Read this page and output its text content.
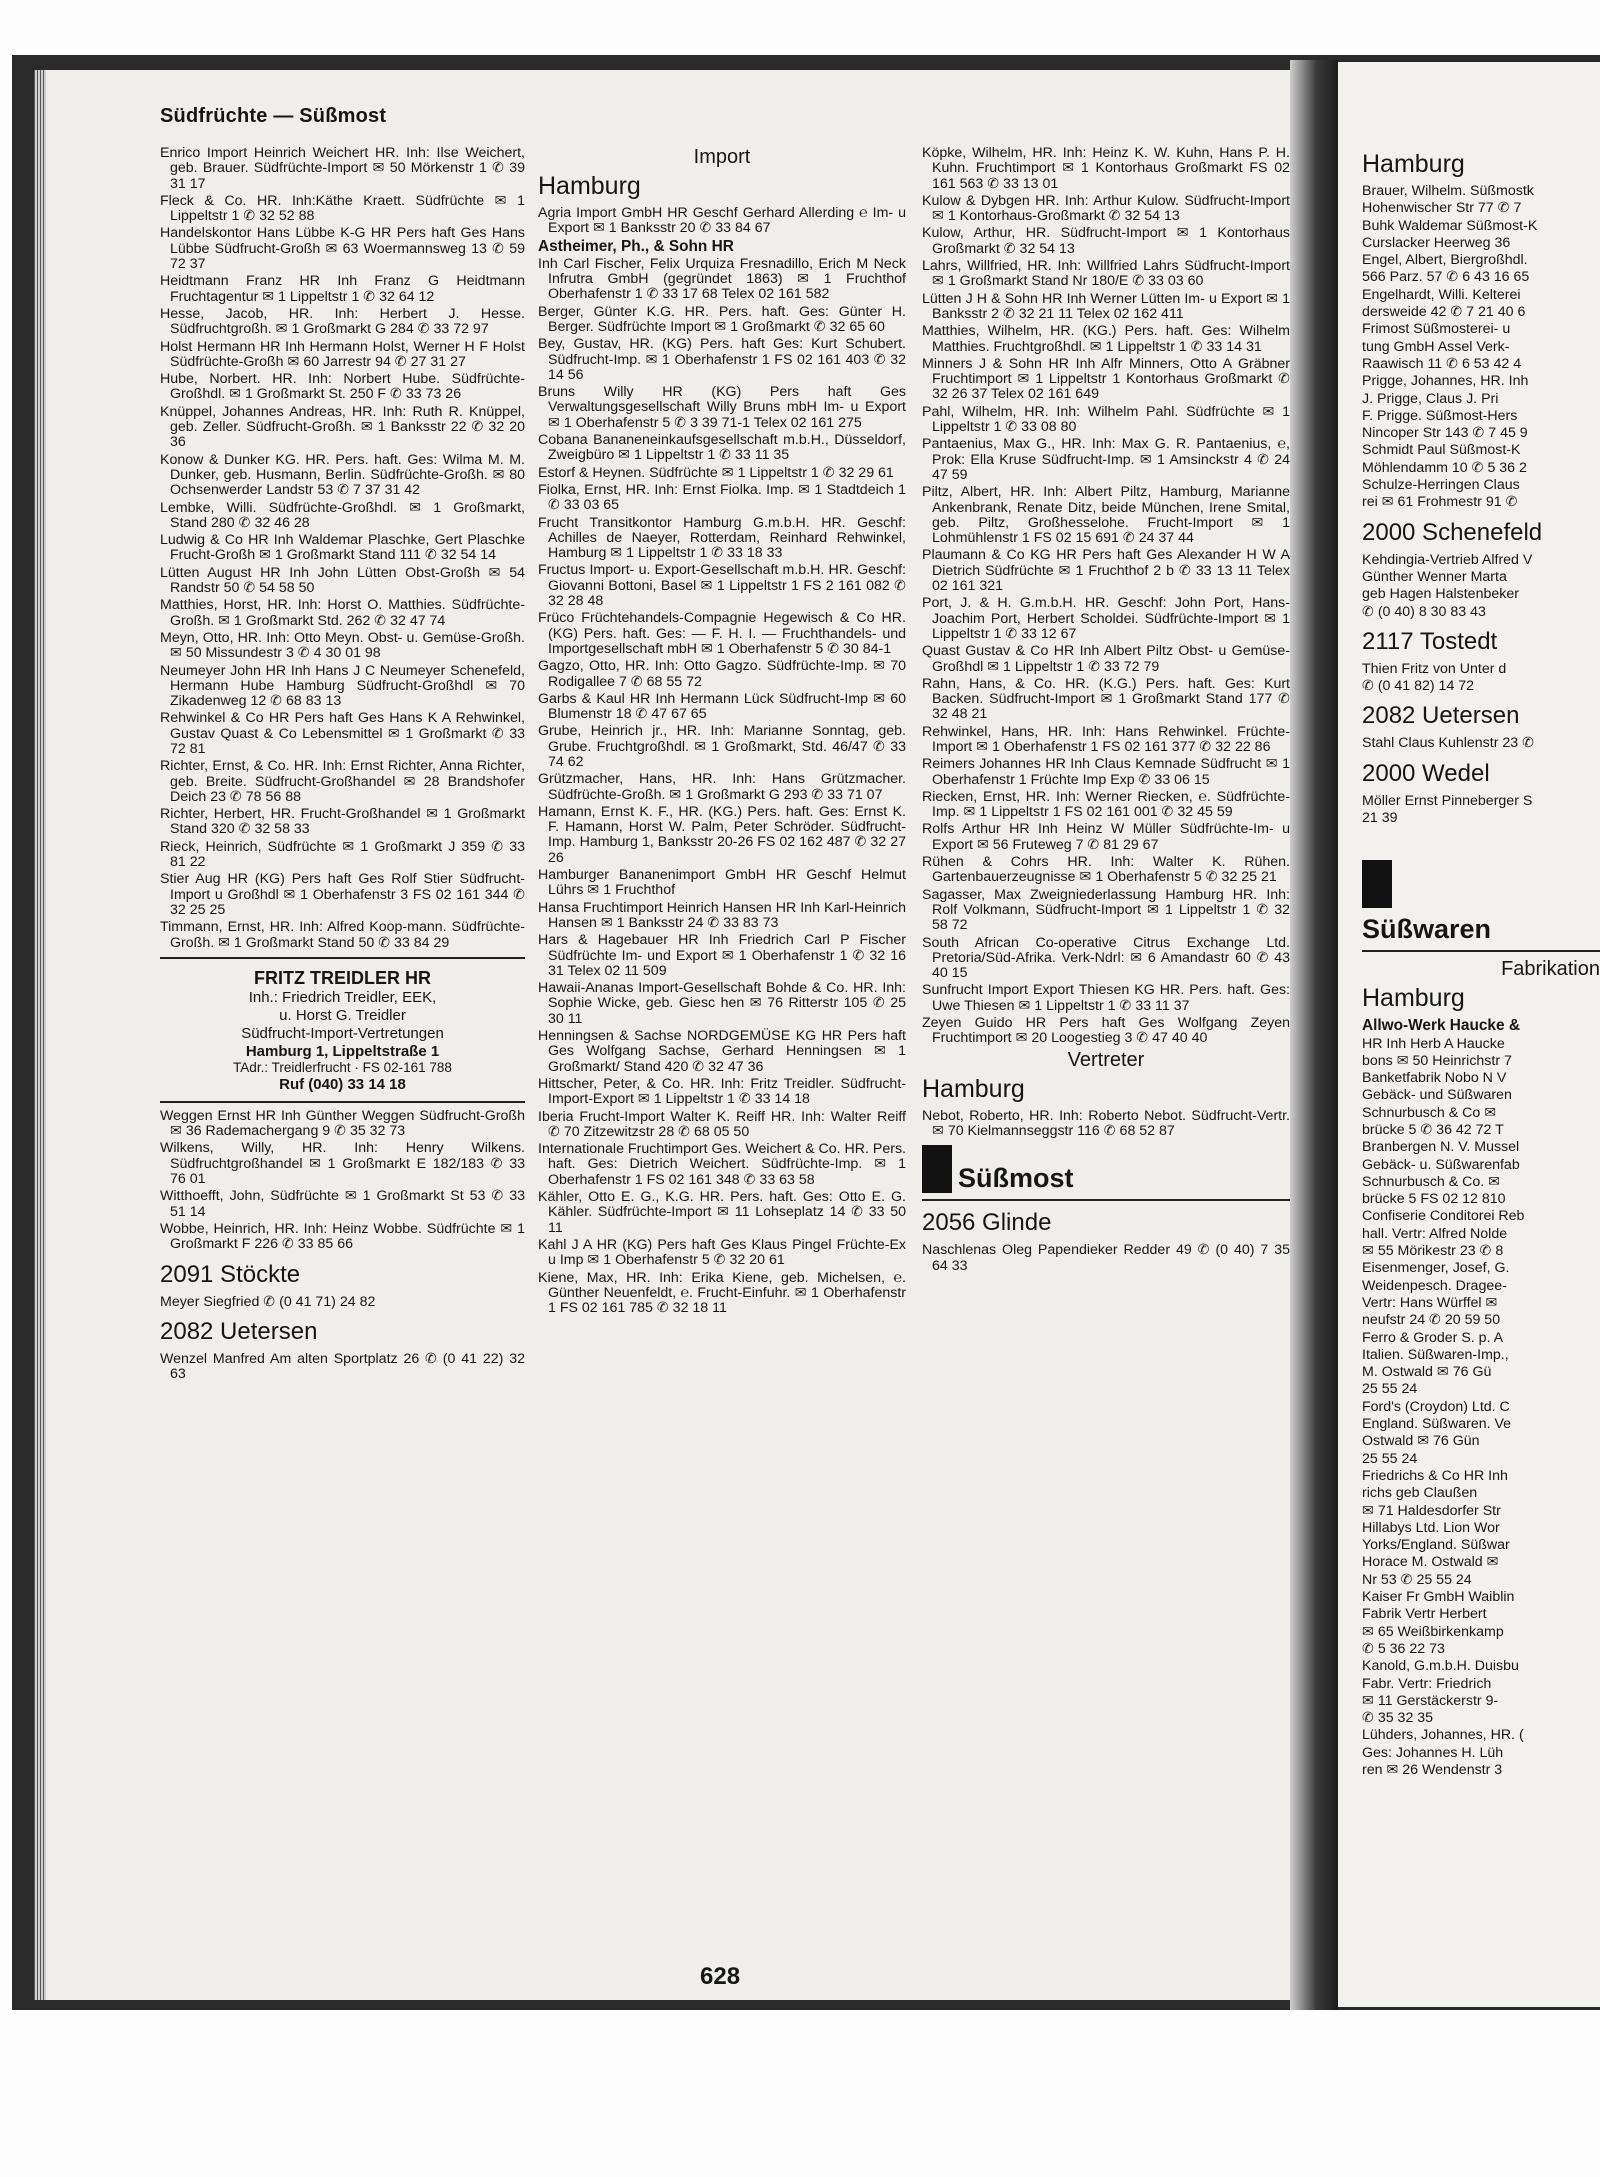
Südfrüchte — Süßmost
Enrico Import Heinrich Weichert HR. Inh: Ilse Weichert, geb. Brauer. Südfrüchte-Import ✉ 50 Mörkenstr 1 ✆ 39 31 17
Fleck & Co. HR. Inh:Käthe Kraett. Südfrüchte ✉ 1 Lippeltstr 1 ✆ 32 52 88
Handelskontor Hans Lübbe K-G HR Pers haft Ges Hans Lübbe Südfrucht-Großh ✉ 63 Woermannsweg 13 ✆ 59 72 37
Heidtmann Franz HR Inh Franz G Heidtmann Fruchtagentur ✉ 1 Lippeltstr 1 ✆ 32 64 12
Hesse, Jacob, HR. Inh: Herbert J. Hesse. Südfruchtgroßh. ✉ 1 Großmarkt G 284 ✆ 33 72 97
Holst Hermann HR Inh Hermann Holst, Werner H F Holst Südfrüchte-Großh ✉ 60 Jarrestr 94 ✆ 27 31 27
Hube, Norbert. HR. Inh: Norbert Hube. Südfrüchte-Großhdl. ✉ 1 Großmarkt St. 250 F ✆ 33 73 26
Knüppel, Johannes Andreas, HR. Inh: Ruth R. Knüppel, geb. Zeller. Südfrucht-Großh. ✉ 1 Banksstr 22 ✆ 32 20 36
Konow & Dunker KG. HR. Pers. haft. Ges: Wilma M. M. Dunker, geb. Husmann, Berlin. Südfrüchte-Großh. ✉ 80 Ochsenwerder Landstr 53 ✆ 7 37 31 42
Lembke, Willi. Südfrüchte-Großhdl. ✉ 1 Großmarkt, Stand 280 ✆ 32 46 28
Ludwig & Co HR Inh Waldemar Plaschke, Gert Plaschke Frucht-Großh ✉ 1 Großmarkt Stand 111 ✆ 32 54 14
Lütten August HR Inh John Lütten Obst-Großh ✉ 54 Randstr 50 ✆ 54 58 50
Matthies, Horst, HR. Inh: Horst O. Matthies. Südfrüchte-Großh. ✉ 1 Großmarkt Std. 262 ✆ 32 47 74
Meyn, Otto, HR. Inh: Otto Meyn. Obst- u. Gemüse-Großh. ✉ 50 Missundestr 3 ✆ 4 30 01 98
Neumeyer John HR Inh Hans J C Neumeyer Schenefeld, Hermann Hube Hamburg Südfrucht-Großhdl ✉ 70 Zikadenweg 12 ✆ 68 83 13
Rehwinkel & Co HR Pers haft Ges Hans K A Rehwinkel, Gustav Quast & Co Lebensmittel ✉ 1 Großmarkt ✆ 33 72 81
Richter, Ernst, & Co. HR. Inh: Ernst Richter, Anna Richter, geb. Breite. Südfrucht-Großhandel ✉ 28 Brandshofer Deich 23 ✆ 78 56 88
Richter, Herbert, HR. Frucht-Großhandel ✉ 1 Großmarkt Stand 320 ✆ 32 58 33
Rieck, Heinrich, Südfrüchte ✉ 1 Großmarkt J 359 ✆ 33 81 22
Stier Aug HR (KG) Pers haft Ges Rolf Stier Südfrucht-Import u Großhdl ✉ 1 Oberhafenstr 3 FS 02 161 344 ✆ 32 25 25
Timmann, Ernst, HR. Inh: Alfred Koop-mann. Südfrüchte-Großh. ✉ 1 Großmarkt Stand 50 ✆ 33 84 29
FRITZ TREIDLER HR
Inh.: Friedrich Treidler, EEK,
u. Horst G. Treidler
Südfrucht-Import-Vertretungen
Hamburg 1, Lippeltstraße 1
TAdr.: Treidlerfrucht · FS 02-161 788
Ruf (040) 33 14 18
Weggen Ernst HR Inh Günther Weggen Südfrucht-Großh ✉ 36 Rademachergang 9 ✆ 35 32 73
Wilkens, Willy, HR. Inh: Henry Wilkens. Südfruchtgroßhandel ✉ 1 Großmarkt E 182/183 ✆ 33 76 01
Witthoefft, John, Südfrüchte ✉ 1 Großmarkt St 53 ✆ 33 51 14
Wobbe, Heinrich, HR. Inh: Heinz Wobbe. Südfrüchte ✉ 1 Großmarkt F 226 ✆ 33 85 66
2091 Stöckte
Meyer Siegfried ✆ (0 41 71) 24 82
2082 Uetersen
Wenzel Manfred Am alten Sportplatz 26 ✆ (0 41 22) 32 63
Import
Hamburg
Agria Import GmbH HR Geschf Gerhard Allerding ℮ Im- u Export ✉ 1 Banksstr 20 ✆ 33 84 67
Astheimer, Ph., & Sohn HR
Inh Carl Fischer, Felix Urquiza Fresnadillo, Erich M Neck Infrutra GmbH (gegründet 1863) ✉ 1 Fruchthof Oberhafenstr 1 ✆ 33 17 68 Telex 02 161 582
Berger, Günter K.G. HR. Pers. haft. Ges: Günter H. Berger. Südfrüchte Import ✉ 1 Großmarkt ✆ 32 65 60
Bey, Gustav, HR. (KG) Pers. haft Ges: Kurt Schubert. Südfrucht-Imp. ✉ 1 Oberhafenstr 1 FS 02 161 403 ✆ 32 14 56
Bruns Willy HR (KG) Pers haft Ges Verwaltungsgesellschaft Willy Bruns mbH Im- u Export ✉ 1 Oberhafenstr 5 ✆ 3 39 71-1 Telex 02 161 275
Cobana Bananeneinkaufsgesellschaft m.b.H., Düsseldorf, Zweigbüro ✉ 1 Lippeltstr 1 ✆ 33 11 35
Estorf & Heynen. Südfrüchte ✉ 1 Lippeltstr 1 ✆ 32 29 61
Fiolka, Ernst, HR. Inh: Ernst Fiolka. Imp. ✉ 1 Stadtdeich 1 ✆ 33 03 65
Frucht Transitkontor Hamburg G.m.b.H. HR. Geschf: Achilles de Naeyer, Rotterdam, Reinhard Rehwinkel, Hamburg ✉ 1 Lippeltstr 1 ✆ 33 18 33
Fructus Import- u. Export-Gesellschaft m.b.H. HR. Geschf: Giovanni Bottoni, Basel ✉ 1 Lippeltstr 1 FS 2 161 082 ✆ 32 28 48
Früco Früchtehandels-Compagnie Hegewisch & Co HR. (KG) Pers. haft. Ges: — F. H. I. — Fruchthandels- und Importgesellschaft mbH ✉ 1 Oberhafenstr 5 ✆ 30 84-1
Gagzo, Otto, HR. Inh: Otto Gagzo. Südfrüchte-Imp. ✉ 70 Rodigallee 7 ✆ 68 55 72
Garbs & Kaul HR Inh Hermann Lück Südfrucht-Imp ✉ 60 Blumenstr 18 ✆ 47 67 65
Grube, Heinrich jr., HR. Inh: Marianne Sonntag, geb. Grube. Fruchtgroßhdl. ✉ 1 Großmarkt, Std. 46/47 ✆ 33 74 62
Grützmacher, Hans, HR. Inh: Hans Grützmacher. Südfrüchte-Großh. ✉ 1 Großmarkt G 293 ✆ 33 71 07
Hamann, Ernst K. F., HR. (KG.) Pers. haft. Ges: Ernst K. F. Hamann, Horst W. Palm, Peter Schröder. Südfrucht-Imp. Hamburg 1, Banksstr 20-26 FS 02 162 487 ✆ 32 27 26
Hamburger Bananenimport GmbH HR Geschf Helmut Lührs ✉ 1 Fruchthof
Hansa Fruchtimport Heinrich Hansen HR Inh Karl-Heinrich Hansen ✉ 1 Banksstr 24 ✆ 33 83 73
Hars & Hagebauer HR Inh Friedrich Carl P Fischer Südfrüchte Im- und Export ✉ 1 Oberhafenstr 1 ✆ 32 16 31 Telex 02 11 509
Hawaii-Ananas Import-Gesellschaft Bohde & Co. HR. Inh: Sophie Wicke, geb. Giesc hen ✉ 76 Ritterstr 105 ✆ 25 30 11
Henningsen & Sachse NORDGEMÜSE KG HR Pers haft Ges Wolfgang Sachse, Gerhard Henningsen ✉ 1 Großmarkt/ Stand 420 ✆ 32 47 36
Hittscher, Peter, & Co. HR. Inh: Fritz Treidler. Südfrucht-Import-Export ✉ 1 Lippeltstr 1 ✆ 33 14 18
Iberia Frucht-Import Walter K. Reiff HR. Inh: Walter Reiff ✆ 70 Zitzewitzstr 28 ✆ 68 05 50
Internationale Fruchtimport Ges. Weichert & Co. HR. Pers. haft. Ges: Dietrich Weichert. Südfrüchte-Imp. ✉ 1 Oberhafenstr 1 FS 02 161 348 ✆ 33 63 58
Kähler, Otto E. G., K.G. HR. Pers. haft. Ges: Otto E. G. Kähler. Südfrüchte-Import ✉ 11 Lohseplatz 14 ✆ 33 50 11
Kahl J A HR (KG) Pers haft Ges Klaus Pingel Früchte-Ex u Imp ✉ 1 Oberhafenstr 5 ✆ 32 20 61
Kiene, Max, HR. Inh: Erika Kiene, geb. Michelsen, ℮. Günther Neuenfeldt, ℮. Frucht-Einfuhr. ✉ 1 Oberhafenstr 1 FS 02 161 785 ✆ 32 18 11
Köpke, Wilhelm, HR. Inh: Heinz K. W. Kuhn, Hans P. H. Kuhn. Fruchtimport ✉ 1 Kontorhaus Großmarkt FS 02 161 563 ✆ 33 13 01
Kulow & Dybgen HR. Inh: Arthur Kulow. Südfrucht-Import ✉ 1 Kontorhaus-Großmarkt ✆ 32 54 13
Kulow, Arthur, HR. Südfrucht-Import ✉ 1 Kontorhaus Großmarkt ✆ 32 54 13
Lahrs, Willfried, HR. Inh: Willfried Lahrs Südfrucht-Import ✉ 1 Großmarkt Stand Nr 180/E ✆ 33 03 60
Lütten J H & Sohn HR Inh Werner Lütten Im- u Export ✉ 1 Banksstr 2 ✆ 32 21 11 Telex 02 162 411
Matthies, Wilhelm, HR. (KG.) Pers. haft. Ges: Wilhelm Matthies. Fruchtgroßhdl. ✉ 1 Lippeltstr 1 ✆ 33 14 31
Minners J & Sohn HR Inh Alfr Minners, Otto A Gräbner Fruchtimport ✉ 1 Lippeltstr 1 Kontorhaus Großmarkt ✆ 32 26 37 Telex 02 161 649
Pahl, Wilhelm, HR. Inh: Wilhelm Pahl. Südfrüchte ✉ 1 Lippeltstr 1 ✆ 33 08 80
Pantaenius, Max G., HR. Inh: Max G. R. Pantaenius, ℮, Prok: Ella Kruse Südfrucht-Imp. ✉ 1 Amsinckstr 4 ✆ 24 47 59
Piltz, Albert, HR. Inh: Albert Piltz, Hamburg, Marianne Ankenbrank, Renate Ditz, beide München, Irene Smital, geb. Piltz, Großhesselohe. Frucht-Import ✉ 1 Lohmühlenstr 1 FS 02 15 691 ✆ 24 37 44
Plaumann & Co KG HR Pers haft Ges Alexander H W A Dietrich Südfrüchte ✉ 1 Fruchthof 2 b ✆ 33 13 11 Telex 02 161 321
Port, J. & H. G.m.b.H. HR. Geschf: John Port, Hans-Joachim Port, Herbert Scholdei. Südfrüchte-Import ✉ 1 Lippeltstr 1 ✆ 33 12 67
Quast Gustav & Co HR Inh Albert Piltz Obst- u Gemüse-Großhdl ✉ 1 Lippeltstr 1 ✆ 33 72 79
Rahn, Hans, & Co. HR. (K.G.) Pers. haft. Ges: Kurt Backen. Südfrucht-Import ✉ 1 Großmarkt Stand 177 ✆ 32 48 21
Rehwinkel, Hans, HR. Inh: Hans Rehwinkel. Früchte-Import ✉ 1 Oberhafenstr 1 FS 02 161 377 ✆ 32 22 86
Reimers Johannes HR Inh Claus Kemnade Südfrucht ✉ 1 Oberhafenstr 1 Früchte Imp Exp ✆ 33 06 15
Riecken, Ernst, HR. Inh: Werner Riecken, ℮. Südfrüchte-Imp. ✉ 1 Lippeltstr 1 FS 02 161 001 ✆ 32 45 59
Rolfs Arthur HR Inh Heinz W Müller Südfrüchte-Im- u Export ✉ 56 Fruteweg 7 ✆ 81 29 67
Rühen & Cohrs HR. Inh: Walter K. Rühen. Gartenbauerzeugnisse ✉ 1 Oberhafenstr 5 ✆ 32 25 21
Sagasser, Max Zweigniederlassung Hamburg HR. Inh: Rolf Volkmann, Südfrucht-Import ✉ 1 Lippeltstr 1 ✆ 32 58 72
South African Co-operative Citrus Exchange Ltd. Pretoria/Süd-Afrika. Verk-Ndrl: ✉ 6 Amandastr 60 ✆ 43 40 15
Sunfrucht Import Export Thiesen KG HR. Pers. haft. Ges: Uwe Thiesen ✉ 1 Lippeltstr 1 ✆ 33 11 37
Zeyen Guido HR Pers haft Ges Wolfgang Zeyen Fruchtimport ✉ 20 Loogestieg 3 ✆ 47 40 40
Vertreter
Hamburg
Nebot, Roberto, HR. Inh: Roberto Nebot. Südfrucht-Vertr. ✉ 70 Kielmannseggstr 116 ✆ 68 52 87
Süßmost
2056 Glinde
Naschlenas Oleg Papendieker Redder 49 ✆ (0 40) 7 35 64 33
Hamburg
Brauer, Wilhelm. Süßmostk
Hohenwischer Str 77 ✆ 7
Buhk Waldemar Süßmost-K
Curslacker Heerweg 36
Engel, Albert, Biergroßhdl.
566 Parz. 57 ✆ 6 43 16 65
Engelhardt, Willi. Kelterei
dersweide 42 ✆ 7 21 40 6
Frimost Süßmosterei- u
tung GmbH Assel Verk-
Raawisch 11 ✆ 6 53 42 4
Prigge, Johannes, HR. Inh
J. Prigge, Claus J. Pri
F. Prigge. Süßmost-Hers
Nincoper Str 143 ✆ 7 45 9
Schmidt Paul Süßmost-K
Möhlendamm 10 ✆ 5 36 2
Schulze-Herringen Claus
rei ✉ 61 Frohmestr 91 ✆
2000 Schenefeld
Kehdingia-Vertrieb Alfred V
Günther Wenner Marta
geb Hagen Halstenbeker
✆ (0 40) 8 30 83 43
2117 Tostedt
Thien Fritz von Unter d
✆ (0 41 82) 14 72
2082 Uetersen
Stahl Claus Kuhlenstr 23 ✆
2000 Wedel
Möller Ernst Pinneberger S
21 39
Süßwaren
Fabrikation
Hamburg
Allwo-Werk Haucke &
HR Inh Herb A Haucke
bons ✉ 50 Heinrichstr 7
Banketfabrik Nobo N V
Gebäck- und Süßwaren
Schnurbusch & Co ✉
brücke 5 ✆ 36 42 72 T
Branbergen N. V. Mussel
Gebäck- u. Süßwarenfab
Schnurbusch & Co. ✉
brücke 5 FS 02 12 810
Confiserie Conditorei Reb
hall. Vertr: Alfred Nolde
✉ 55 Mörikestr 23 ✆ 8
Eisenmenger, Josef, G.
Weidenpesch. Dragee-
Vertr: Hans Würffel ✉
neufstr 24 ✆ 20 59 50
Ferro & Groder S. p. A
Italien. Süßwaren-Imp.,
M. Ostwald ✉ 76 Gü
25 55 24
Ford's (Croydon) Ltd. C
England. Süßwaren. Ve
Ostwald ✉ 76 Gün
25 55 24
Friedrichs & Co HR Inh
richs geb Claußen
✉ 71 Haldesdorfer Str
Hillabys Ltd. Lion Wor
Yorks/England. Süßwar
Horace M. Ostwald ✉
Nr 53 ✆ 25 55 24
Kaiser Fr GmbH Waiblin
Fabrik Vertr Herbert
✉ 65 Weißbirkenkamp
✆ 5 36 22 73
Kanold, G.m.b.H. Duisbu
Fabr. Vertr: Friedrich
✉ 11 Gerstäckerstr 9-
✆ 35 32 35
Lühders, Johannes, HR. (
Ges: Johannes H. Lüh
ren ✉ 26 Wendenstr 3
628
